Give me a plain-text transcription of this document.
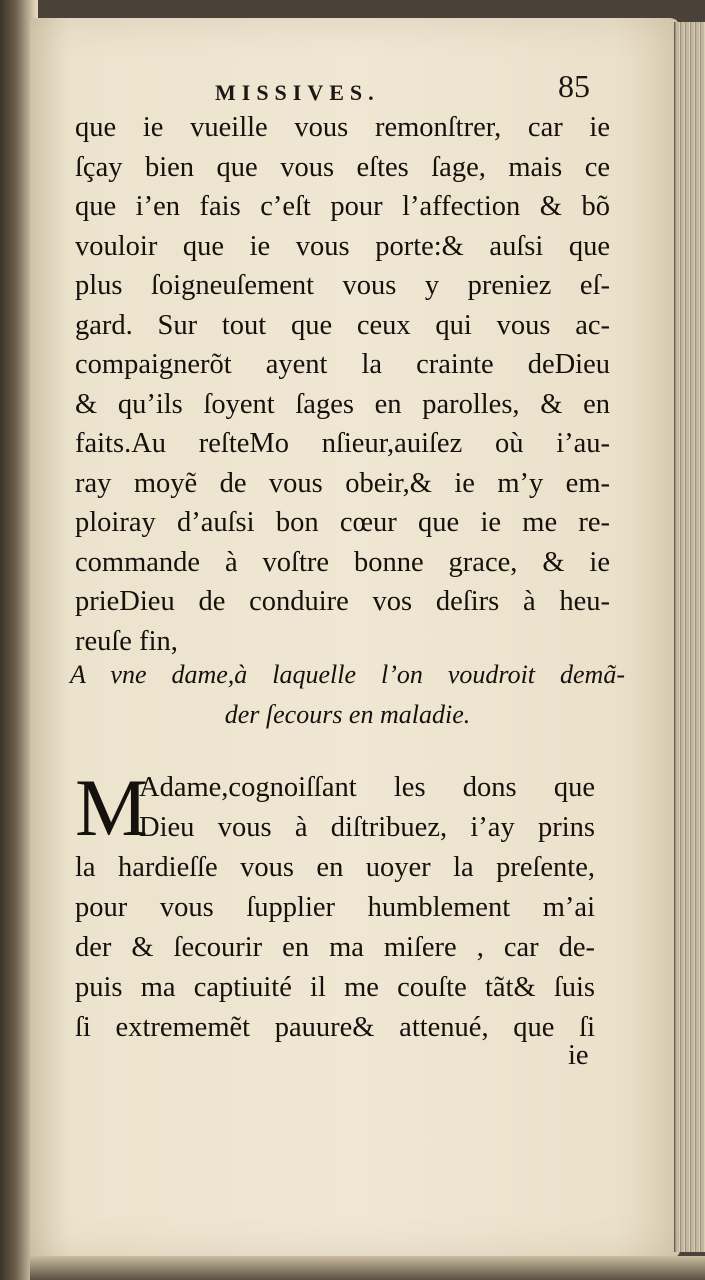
MISSIVES.	85
que ie vueille vous remonſtrer, car ie
ſçay bien que vous eſtes ſage, mais ce
que i’en fais c’eſt pour l’affection & bõ
vouloir que ie vous porte:& auſsi que
plus ſoigneuſement vous y preniez eſ-
gard. Sur tout que ceux qui vous ac-
compaignerõt ayent la crainte deDieu
& qu’ils ſoyent ſages en parolles, & en
faits.Au reſteMo nſieur,auiſez où i’au-
ray moyẽ de vous obeir,& ie m’y em-
ploiray d’auſsi bon cœur que ie me re-
commande à voſtre bonne grace, & ie
prieDieu de conduire vos deſirs à heu-
reuſe fin,
A vne dame,à laquelle l’on voudroit demã-
der ſecours en maladie.
M
Adame,cognoiſſant les dons que
Dieu vous à diſtribuez, i’ay prins
la hardieſſe vous en uoyer la preſente,
pour vous ſupplier humblement m’ai
der & ſecourir en ma miſere , car de-
puis ma captiuité il me couſte tãt& ſuis
ſi extrememẽt pauure& attenué, que ſi
ie
